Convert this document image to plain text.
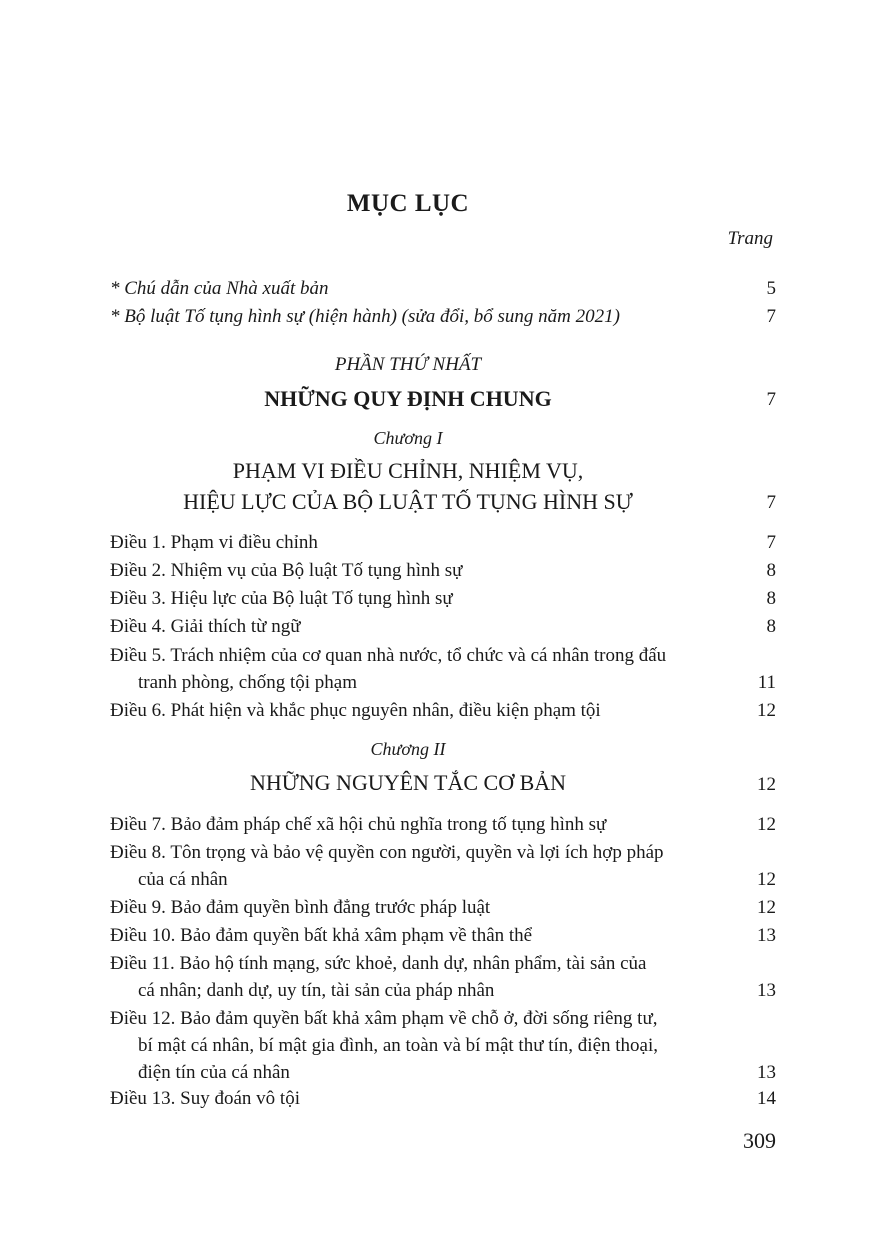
MỤC LỤC
Trang
* Chú dẫn của Nhà xuất bản	5
* Bộ luật Tố tụng hình sự (hiện hành) (sửa đổi, bổ sung năm 2021)	7
PHẦN THỨ NHẤT
NHỮNG QUY ĐỊNH CHUNG	7
Chương I
PHẠM VI ĐIỀU CHỈNH, NHIỆM VỤ,
HIỆU LỰC CỦA BỘ LUẬT TỐ TỤNG HÌNH SỰ	7
Điều 1. Phạm vi điều chỉnh	7
Điều 2. Nhiệm vụ của Bộ luật Tố tụng hình sự	8
Điều 3. Hiệu lực của Bộ luật Tố tụng hình sự	8
Điều 4. Giải thích từ ngữ	8
Điều 5. Trách nhiệm của cơ quan nhà nước, tổ chức và cá nhân trong đấu
tranh phòng, chống tội phạm	11
Điều 6. Phát hiện và khắc phục nguyên nhân, điều kiện phạm tội	12
Chương II
NHỮNG NGUYÊN TẮC CƠ BẢN	12
Điều 7. Bảo đảm pháp chế xã hội chủ nghĩa trong tố tụng hình sự	12
Điều 8. Tôn trọng và bảo vệ quyền con người, quyền và lợi ích hợp pháp
của cá nhân	12
Điều 9. Bảo đảm quyền bình đẳng trước pháp luật	12
Điều 10. Bảo đảm quyền bất khả xâm phạm về thân thể	13
Điều 11. Bảo hộ tính mạng, sức khoẻ, danh dự, nhân phẩm, tài sản của
cá nhân; danh dự, uy tín, tài sản của pháp nhân	13
Điều 12. Bảo đảm quyền bất khả xâm phạm về chỗ ở, đời sống riêng tư,
bí mật cá nhân, bí mật gia đình, an toàn và bí mật thư tín, điện thoại,
điện tín của cá nhân	13
Điều 13. Suy đoán vô tội	14
309
